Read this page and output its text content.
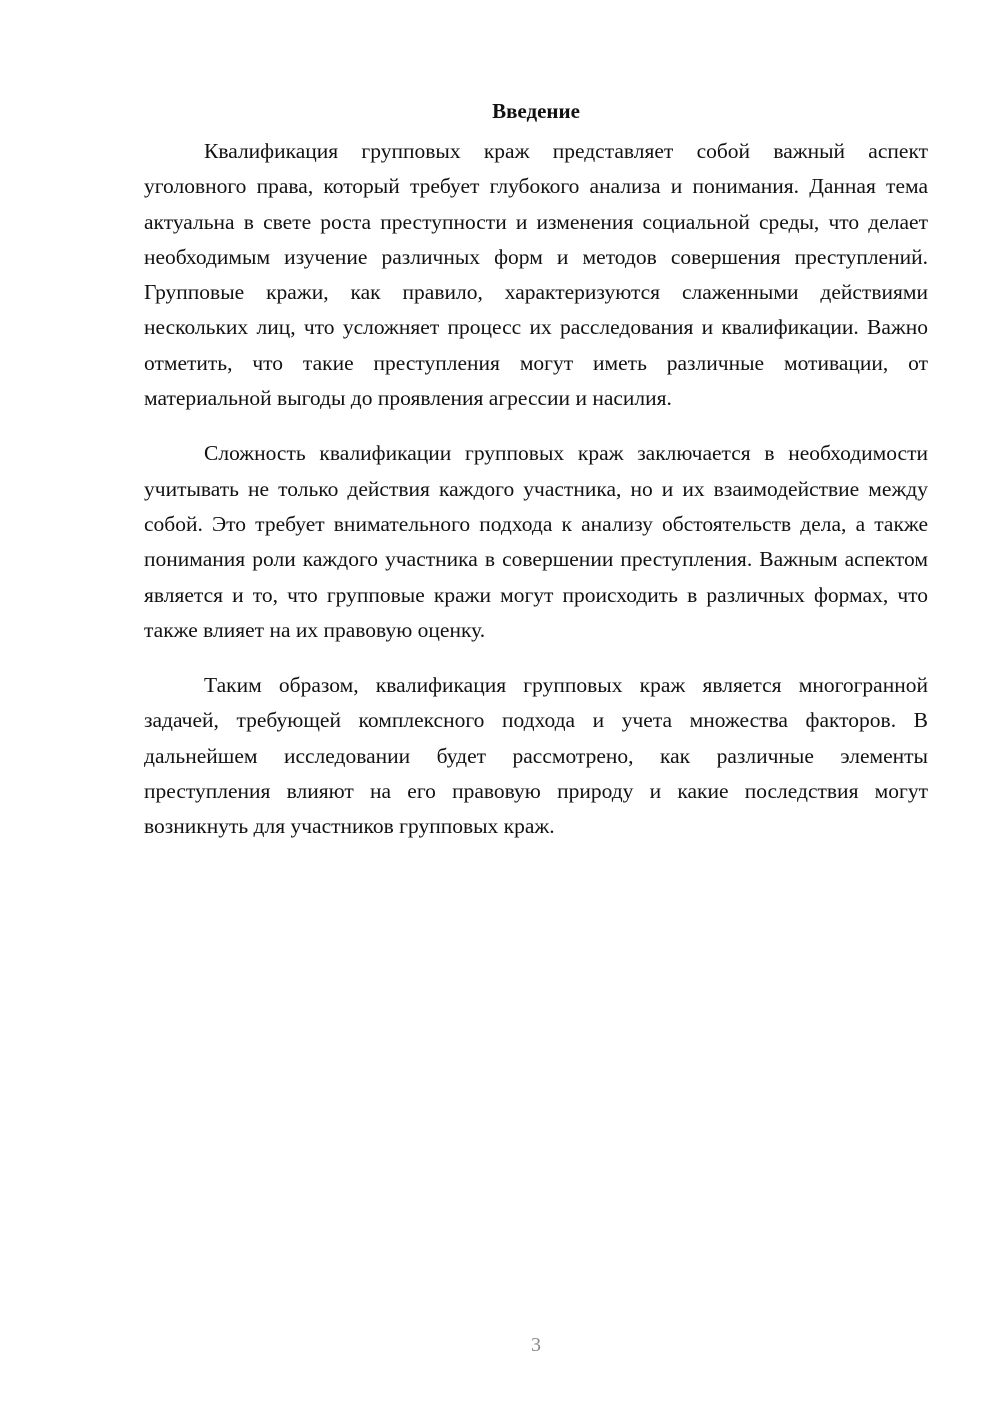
Введение

Квалификация групповых краж представляет собой важный аспект уголовного права, который требует глубокого анализа и понимания. Данная тема актуальна в свете роста преступности и изменения социальной среды, что делает необходимым изучение различных форм и методов совершения преступлений. Групповые кражи, как правило, характеризуются слаженными действиями нескольких лиц, что усложняет процесс их расследования и квалификации. Важно отметить, что такие преступления могут иметь различные мотивации, от материальной выгоды до проявления агрессии и насилия.

Сложность квалификации групповых краж заключается в необходимости учитывать не только действия каждого участника, но и их взаимодействие между собой. Это требует внимательного подхода к анализу обстоятельств дела, а также понимания роли каждого участника в совершении преступления. Важным аспектом является и то, что групповые кражи могут происходить в различных формах, что также влияет на их правовую оценку.

Таким образом, квалификация групповых краж является многогранной задачей, требующей комплексного подхода и учета множества факторов. В дальнейшем исследовании будет рассмотрено, как различные элементы преступления влияют на его правовую природу и какие последствия могут возникнуть для участников групповых краж.

3
